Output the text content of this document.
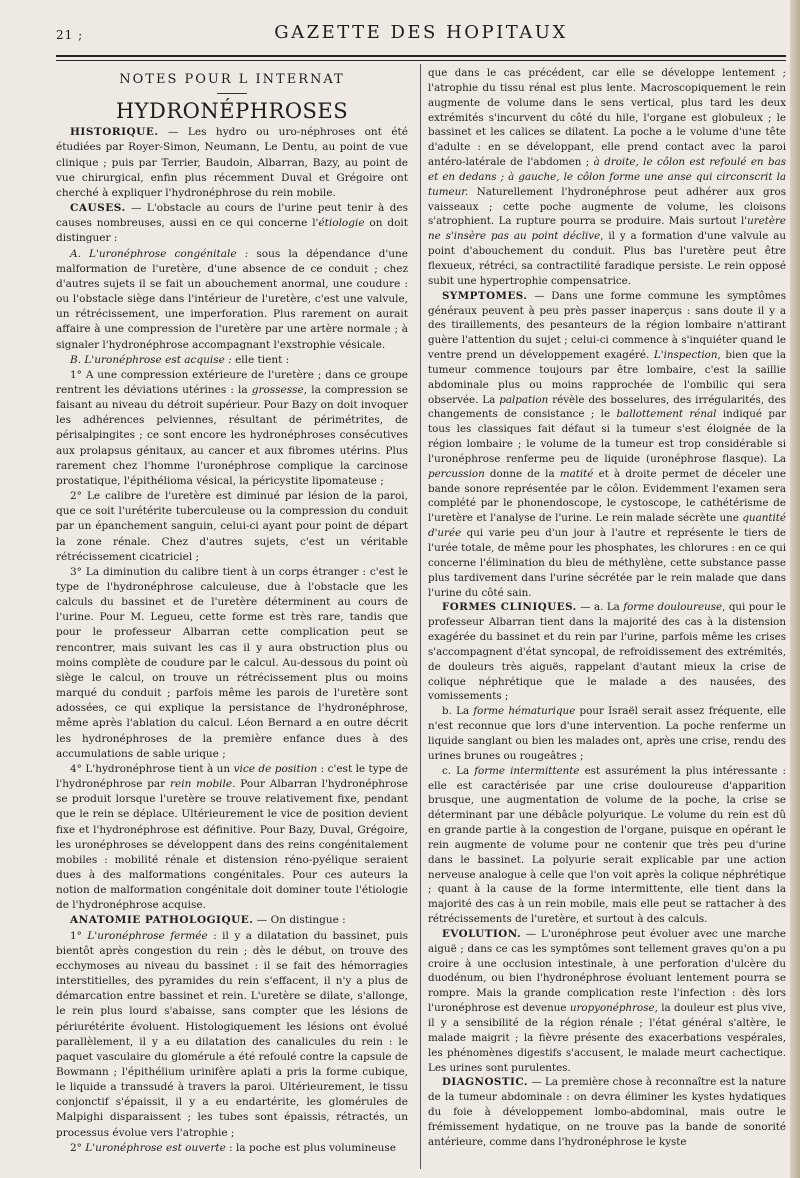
21 ;	GAZETTE DES HOPITAUX
NOTES POUR L INTERNAT
HYDRONÉPHROSES

HISTORIQUE. — Les hydro ou uro-néphroses ont été étudiées par Royer-Simon, Neumann, Le Dentu, au point de vue clinique ; puis par Terrier, Baudoin, Albarran, Bazy, au point de vue chirurgical, enfin plus récemment Duval et Grégoire ont cherché à expliquer l'hydronéphrose du rein mobile.

CAUSES. — L'obstacle au cours de l'urine peut tenir à des causes nombreuses, aussi en ce qui concerne l'étiologie on doit distinguer :

A. L'uronéphrose congénitale : sous la dépendance d'une malformation de l'uretère, d'une absence de ce conduit ; chez d'autres sujets il se fait un abouchement anormal, une coudure : ou l'obstacle siège dans l'intérieur de l'uretère, c'est une valvule, un rétrécissement, une imperforation. Plus rarement on aurait affaire à une compression de l'uretère par une artère normale ; à signaler l'hydronéphrose accompagnant l'exstrophie vésicale.

B. L'uronéphrose est acquise : elle tient :

1° A une compression extérieure de l'uretère ; dans ce groupe rentrent les déviations utérines : la grossesse, la compression se faisant au niveau du détroit supérieur. Pour Bazy on doit invoquer les adhérences pelviennes, résultant de périmétrites, de périsalpingites ; ce sont encore les hydronéphroses consécutives aux prolapsus génitaux, au cancer et aux fibromes utérins. Plus rarement chez l'homme l'uronéphrose complique la carcinose prostatique, l'épithélioma vésical, la péricystite lipomateuse ;

2° Le calibre de l'uretère est diminué par lésion de la paroi, que ce soit l'urétérite tuberculeuse ou la compression du conduit par un épanchement sanguin, celui-ci ayant pour point de départ la zone rénale. Chez d'autres sujets, c'est un véritable rétrécissement cicatriciel ;

3° La diminution du calibre tient à un corps étranger : c'est le type de l'hydronéphrose calculeuse, due à l'obstacle que les calculs du bassinet et de l'uretère déterminent au cours de l'urine. Pour M. Legueu, cette forme est très rare, tandis que pour le professeur Albarran cette complication peut se rencontrer, mais suivant les cas il y aura obstruction plus ou moins complète de coudure par le calcul. Au-dessous du point où siège le calcul, on trouve un rétrécissement plus ou moins marqué du conduit ; parfois même les parois de l'uretère sont adossées, ce qui explique la persistance de l'hydronéphrose, même après l'ablation du calcul. Léon Bernard a en outre décrit les hydronéphroses de la première enfance dues à des accumulations de sable urique ;

4° L'hydronéphrose tient à un vice de position : c'est le type de l'hydronéphrose par rein mobile. Pour Albarran l'hydronéphrose se produit lorsque l'uretère se trouve relativement fixe, pendant que le rein se déplace. Ultérieurement le vice de position devient fixe et l'hydronéphrose est définitive. Pour Bazy, Duval, Grégoire, les uronéphroses se développent dans des reins congénitalement mobiles : mobilité rénale et distension réno-pyélique seraient dues à des malformations congénitales. Pour ces auteurs la notion de malformation congénitale doit dominer toute l'étiologie de l'hydronéphrose acquise.

ANATOMIE PATHOLOGIQUE. — On distingue :

1° L'uronéphrose fermée : il y a dilatation du bassinet, puis bientôt après congestion du rein ; dès le début, on trouve des ecchymoses au niveau du bassinet : il se fait des hémorragies interstitielles, des pyramides du rein s'effacent, il n'y a plus de démarcation entre bassinet et rein. L'uretère se dilate, s'allonge, le rein plus lourd s'abaisse, sans compter que les lésions de périurétérite évoluent. Histologiquement les lésions ont évolué parallèlement, il y a eu dilatation des canalicules du rein : le paquet vasculaire du glomérule a été refoulé contre la capsule de Bowmann ; l'épithélium urinifère aplati a pris la forme cubique, le liquide a transsudé à travers la paroi. Ultérieurement, le tissu conjonctif s'épaissit, il y a eu endartérite, les glomérules de Malpighi disparaissent ; les tubes sont épaissis, rétractés, un processus évolue vers l'atrophie ;

2° L'uronéphrose est ouverte : la poche est plus volumineuse

que dans le cas précédent, car elle se développe lentement ; l'atrophie du tissu rénal est plus lente. Macroscopiquement le rein augmente de volume dans le sens vertical, plus tard les deux extrémités s'incurvent du côté du hile, l'organe est globuleux ; le bassinet et les calices se dilatent. La poche a le volume d'une tête d'adulte : en se développant, elle prend contact avec la paroi antéro-latérale de l'abdomen ; à droite, le côlon est refoulé en bas et en dedans ; à gauche, le côlon forme une anse qui circonscrit la tumeur. Naturellement l'hydronéphrose peut adhérer aux gros vaisseaux ; cette poche augmente de volume, les cloisons s'atrophient. La rupture pourra se produire. Mais surtout l'uretère ne s'insère pas au point déclive, il y a formation d'une valvule au point d'abouchement du conduit. Plus bas l'uretère peut être flexueux, rétréci, sa contractilité faradique persiste. Le rein opposé subit une hypertrophie compensatrice.

SYMPTOMES. — Dans une forme commune les symptômes généraux peuvent à peu près passer inaperçus : sans doute il y a des tiraillements, des pesanteurs de la région lombaire n'attirant guère l'attention du sujet ; celui-ci commence à s'inquiéter quand le ventre prend un développement exagéré. L'inspection, bien que la tumeur commence toujours par être lombaire, c'est la saillie abdominale plus ou moins rapprochée de l'ombilic qui sera observée. La palpation révèle des bosselures, des irrégularités, des changements de consistance ; le ballottement rénal indiqué par tous les classiques fait défaut si la tumeur s'est éloignée de la région lombaire ; le volume de la tumeur est trop considérable si l'uronéphrose renferme peu de liquide (uronéphrose flasque). La percussion donne de la matité et à droite permet de déceler une bande sonore représentée par le côlon. Evidemment l'examen sera complété par le phonendoscope, le cystoscope, le cathétérisme de l'uretère et l'analyse de l'urine. Le rein malade sécrète une quantité d'urée qui varie peu d'un jour à l'autre et représente le tiers de l'urée totale, de même pour les phosphates, les chlorures : en ce qui concerne l'élimination du bleu de méthylène, cette substance passe plus tardivement dans l'urine sécrétée par le rein malade que dans l'urine du côté sain.

FORMES CLINIQUES. — a. La forme douloureuse, qui pour le professeur Albarran tient dans la majorité des cas à la distension exagérée du bassinet et du rein par l'urine, parfois même les crises s'accompagnent d'état syncopal, de refroidissement des extrémités, de douleurs très aiguës, rappelant d'autant mieux la crise de colique néphrétique que le malade a des nausées, des vomissements ;

b. La forme hématurique pour Israël serait assez fréquente, elle n'est reconnue que lors d'une intervention. La poche renferme un liquide sanglant ou bien les malades ont, après une crise, rendu des urines brunes ou rougeâtres ;

c. La forme intermittente est assurément la plus intéressante : elle est caractérisée par une crise douloureuse d'apparition brusque, une augmentation de volume de la poche, la crise se déterminant par une débâcle polyurique. Le volume du rein est dû en grande partie à la congestion de l'organe, puisque en opérant le rein augmente de volume pour ne contenir que très peu d'urine dans le bassinet. La polyurie serait explicable par une action nerveuse analogue à celle que l'on voit après la colique néphrétique ; quant à la cause de la forme intermittente, elle tient dans la majorité des cas à un rein mobile, mais elle peut se rattacher à des rétrécissements de l'uretère, et surtout à des calculs.

EVOLUTION. — L'uronéphrose peut évoluer avec une marche aiguë ; dans ce cas les symptômes sont tellement graves qu'on a pu croire à une occlusion intestinale, à une perforation d'ulcère du duodénum, ou bien l'hydronéphrose évoluant lentement pourra se rompre. Mais la grande complication reste l'infection : dès lors l'uronéphrose est devenue uropyonéphrose, la douleur est plus vive, il y a sensibilité de la région rénale ; l'état général s'altère, le malade maigrit ; la fièvre présente des exacerbations vespérales, les phénomènes digestifs s'accusent, le malade meurt cachectique. Les urines sont purulentes.

DIAGNOSTIC. — La première chose à reconnaître est la nature de la tumeur abdominale : on devra éliminer les kystes hydatiques du foie à développement lombo-abdominal, mais outre le frémissement hydatique, on ne trouve pas la bande de sonorité antérieure, comme dans l'hydronéphrose le kyste
